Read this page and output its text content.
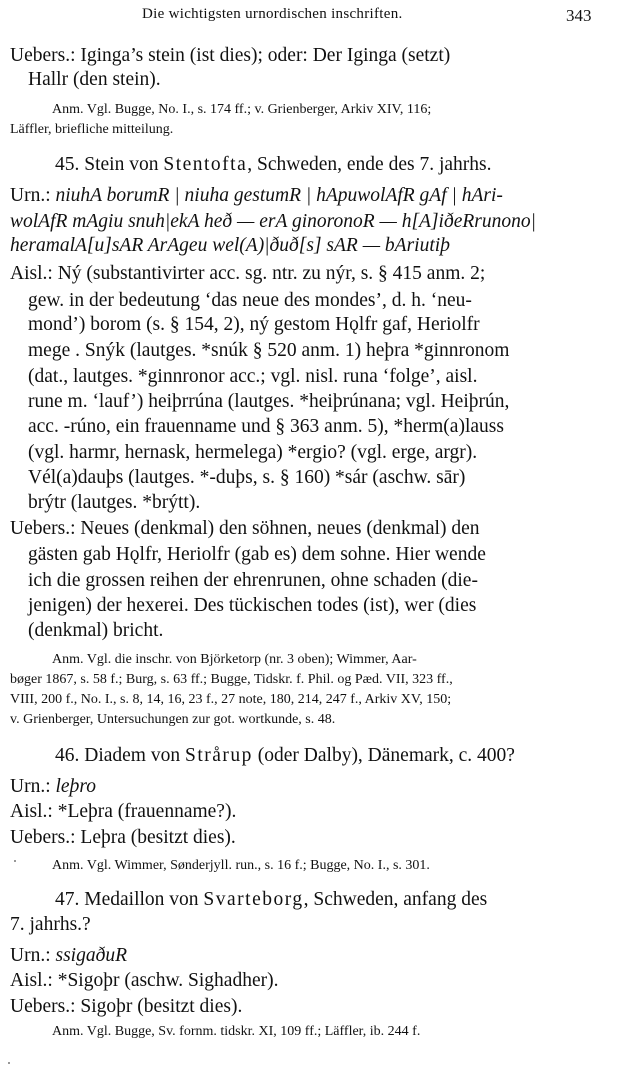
Die wichtigsten urnordischen inschriften.	343
Uebers.: Iginga’s stein (ist dies); oder: Der Iginga (setzt)
Hallr (den stein).
Anm. Vgl. Bugge, No. I., s. 174 ff.; v. Grienberger, Arkiv XIV, 116;
Läffler, briefliche mitteilung.
45. Stein von Stentofta, Schweden, ende des 7. jahrhs.
Urn.: niuhA borumR | niuha gestumR | hApuwolAfR gAf | hAri-
wolAfR mAgiu snuh|ekA heð — erA ginoronoR — h[A]iðeRrunono|
heramalA[u]sAR ArAgeu wel(A)|ðuð[s] sAR — bAriutiþ
Aisl.: Ný (substantivirter acc. sg. ntr. zu nýr, s. § 415 anm. 2;
gew. in der bedeutung ‘das neue des mondes’, d. h. ‘neu-
mond’) borom (s. § 154, 2), ný gestom Hǫlfr gaf, Heriolfr
mege . Snýk (lautges. *snúk § 520 anm. 1) heþra *ginnronom
(dat., lautges. *ginnronor acc.; vgl. nisl. runa ‘folge’, aisl.
rune m. ‘lauf’) heiþrrúna (lautges. *heiþrúnana; vgl. Heiþrún,
acc. -rúno, ein frauenname und § 363 anm. 5), *herm(a)lauss
(vgl. harmr, hernask, hermelega) *ergio? (vgl. erge, argr).
Vél(a)dauþs (lautges. *-duþs, s. § 160) *sár (aschw. sār)
brýtr (lautges. *brýtt).
Uebers.: Neues (denkmal) den söhnen, neues (denkmal) den
gästen gab Hǫlfr, Heriolfr (gab es) dem sohne. Hier wende
ich die grossen reihen der ehrenrunen, ohne schaden (die-
jenigen) der hexerei. Des tückischen todes (ist), wer (dies
(denkmal) bricht.
Anm. Vgl. die inschr. von Björketorp (nr. 3 oben); Wimmer, Aar-
bøger 1867, s. 58 f.; Burg, s. 63 ff.; Bugge, Tidskr. f. Phil. og Pæd. VII, 323 ff.,
VIII, 200 f., No. I., s. 8, 14, 16, 23 f., 27 note, 180, 214, 247 f., Arkiv XV, 150;
v. Grienberger, Untersuchungen zur got. wortkunde, s. 48.
46. Diadem von Strårup (oder Dalby), Dänemark, c. 400?
Urn.: leþro
Aisl.: *Leþra (frauenname?).
Uebers.: Leþra (besitzt dies).
Anm. Vgl. Wimmer, Sønderjyll. run., s. 16 f.; Bugge, No. I., s. 301.
47. Medaillon von Svarteborg, Schweden, anfang des
7. jahrhs.?
Urn.: ssigaðuR
Aisl.: *Sigoþr (aschw. Sighadher).
Uebers.: Sigoþr (besitzt dies).
Anm. Vgl. Bugge, Sv. fornm. tidskr. XI, 109 ff.; Läffler, ib. 244 f.
